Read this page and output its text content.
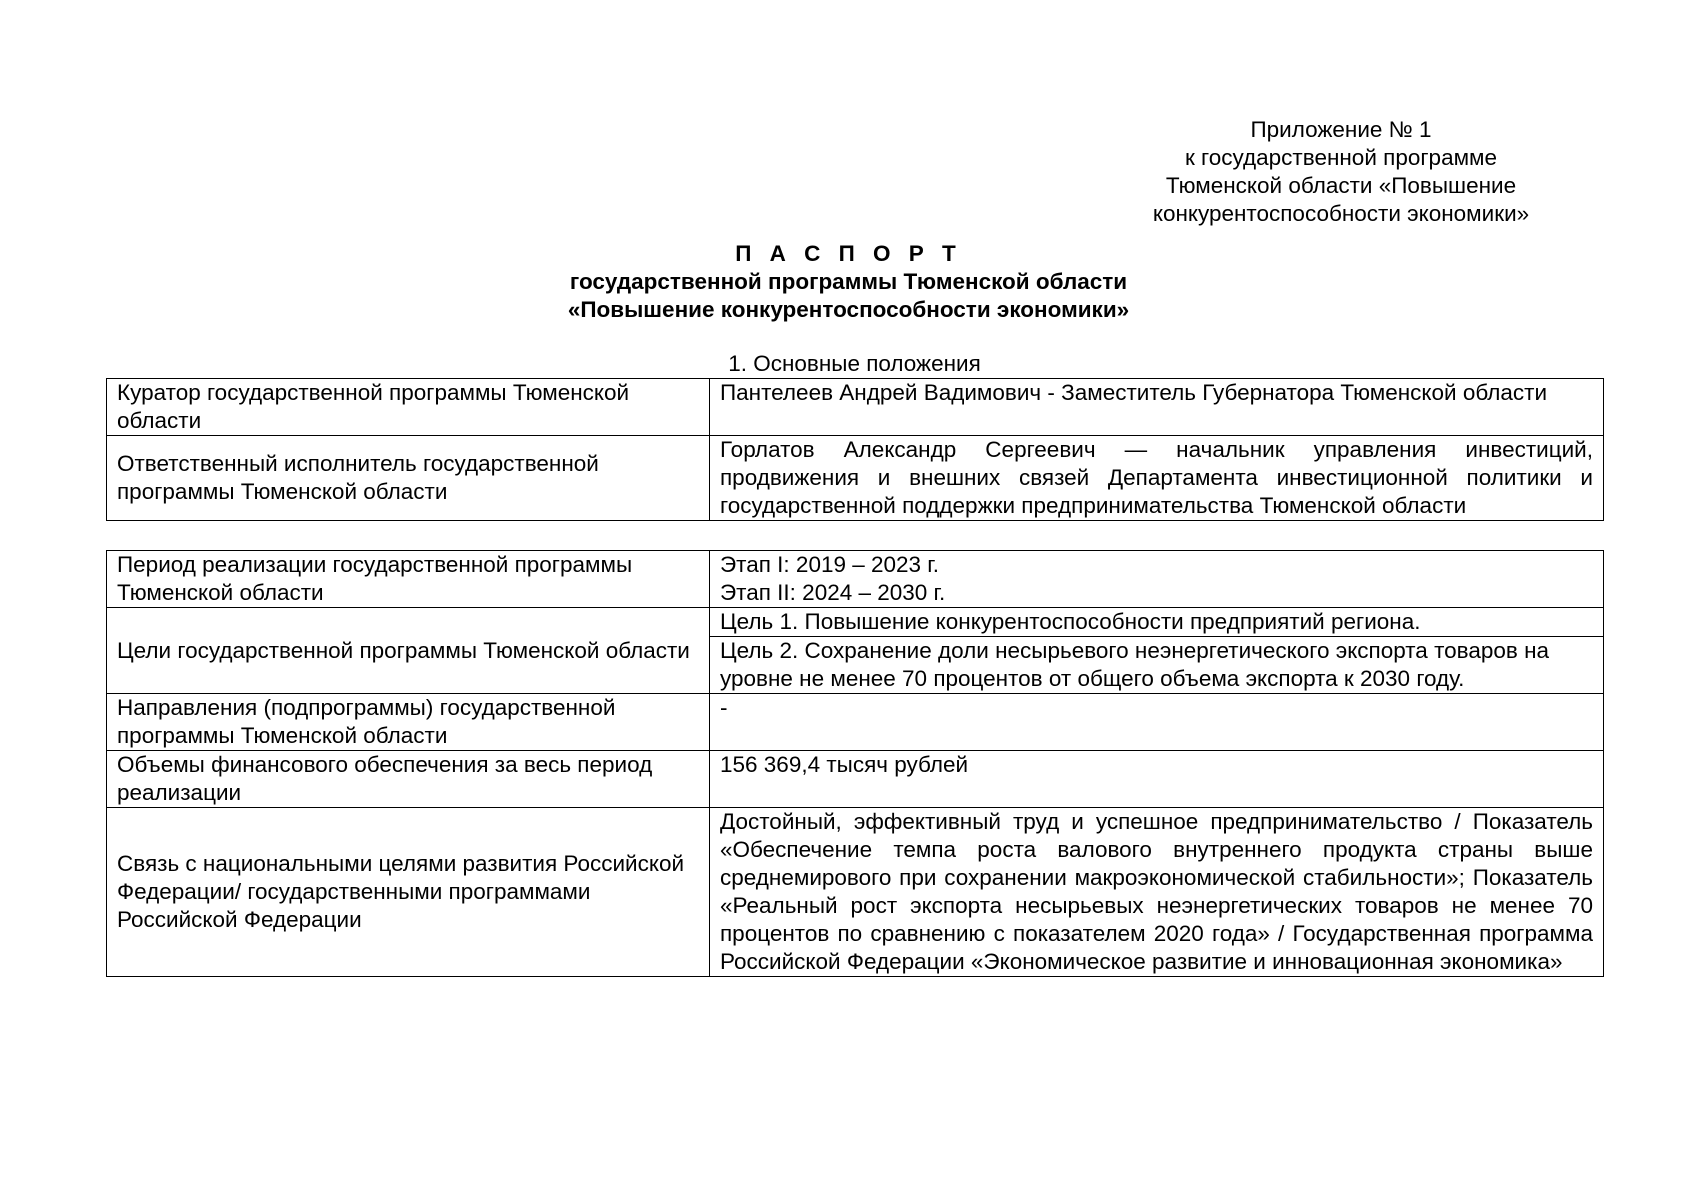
Приложение № 1
к государственной программе
Тюменской области «Повышение
конкурентоспособности экономики»
П А С П О Р Т
государственной программы Тюменской области
«Повышение конкурентоспособности экономики»
1. Основные положения
Куратор государственной программы Тюменской области	Пантелеев Андрей Вадимович - Заместитель Губернатора Тюменской области
Ответственный исполнитель государственной программы Тюменской области	Горлатов Александр Сергеевич — начальник управления инвестиций, продвижения и внешних связей Департамента инвестиционной политики и государственной поддержки предпринимательства Тюменской области
Период реализации государственной программы Тюменской области	Этап I: 2019 – 2023 г.
Этап II: 2024 – 2030 г.

Цели государственной программы Тюменской области	Цель 1. Повышение конкурентоспособности предприятий региона.
	Цель 2. Сохранение доли несырьевого неэнергетического экспорта товаров на уровне не менее 70 процентов от общего объема экспорта к 2030 году.
Направления (подпрограммы) государственной программы Тюменской области	-
Объемы финансового обеспечения за весь период реализации	156 369,4 тысяч рублей
Связь с национальными целями развития Российской Федерации/ государственными программами Российской Федерации	Достойный, эффективный труд и успешное предпринимательство / Показатель «Обеспечение темпа роста валового внутреннего продукта страны выше среднемирового при сохранении макроэкономической стабильности»; Показатель «Реальный рост экспорта несырьевых неэнергетических товаров не менее 70 процентов по сравнению с показателем 2020 года» / Государственная программа Российской Федерации «Экономическое развитие и инновационная экономика»
